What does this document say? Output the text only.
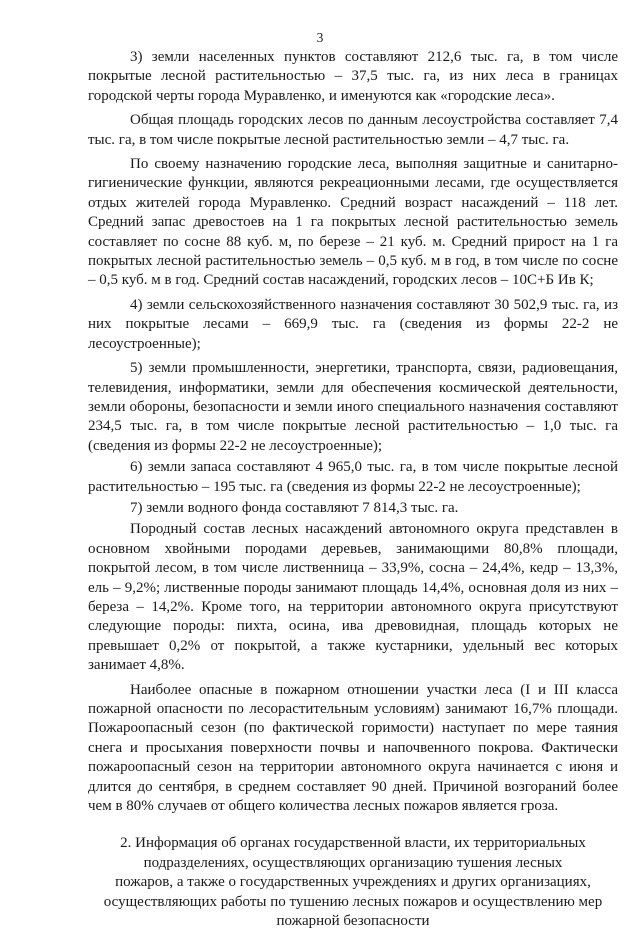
3

3) земли населенных пунктов составляют 212,6 тыс. га, в том числе покрытые лесной растительностью – 37,5 тыс. га, из них леса в границах городской черты города Муравленко, и именуются как «городские леса».

Общая площадь городских лесов по данным лесоустройства составляет 7,4 тыс. га, в том числе покрытые лесной растительностью земли – 4,7 тыс. га.

По своему назначению городские леса, выполняя защитные и санитарно-гигиенические функции, являются рекреационными лесами, где осуществляется отдых жителей города Муравленко. Средний возраст насаждений – 118 лет. Средний запас древостоев на 1 га покрытых лесной растительностью земель составляет по сосне 88 куб. м, по березе – 21 куб. м. Средний прирост на 1 га покрытых лесной растительностью земель – 0,5 куб. м в год, в том числе по сосне – 0,5 куб. м в год. Средний состав насаждений, городских лесов – 10С+Б Ив К;

4) земли сельскохозяйственного назначения составляют 30 502,9 тыс. га, из них покрытые лесами – 669,9 тыс. га (сведения из формы 22-2 не лесоустроенные);

5) земли промышленности, энергетики, транспорта, связи, радиовещания, телевидения, информатики, земли для обеспечения космической деятельности, земли обороны, безопасности и земли иного специального назначения составляют 234,5 тыс. га, в том числе покрытые лесной растительностью – 1,0 тыс. га (сведения из формы 22-2 не лесоустроенные);

6) земли запаса составляют 4 965,0 тыс. га, в том числе покрытые лесной растительностью – 195 тыс. га (сведения из формы 22-2 не лесоустроенные);

7) земли водного фонда составляют 7 814,3 тыс. га.

Породный состав лесных насаждений автономного округа представлен в основном хвойными породами деревьев, занимающими 80,8% площади, покрытой лесом, в том числе лиственница – 33,9%, сосна – 24,4%, кедр – 13,3%, ель – 9,2%; лиственные породы занимают площадь 14,4%, основная доля из них – береза – 14,2%. Кроме того, на территории автономного округа присутствуют следующие породы: пихта, осина, ива древовидная, площадь которых не превышает 0,2% от покрытой, а также кустарники, удельный вес которых занимает 4,8%.

Наиболее опасные в пожарном отношении участки леса (I и III класса пожарной опасности по лесорастительным условиям) занимают 16,7% площади. Пожароопасный сезон (по фактической горимости) наступает по мере таяния снега и просыхания поверхности почвы и напочвенного покрова. Фактически пожароопасный сезон на территории автономного округа начинается с июня и длится до сентября, в среднем составляет 90 дней. Причиной возгораний более чем в 80% случаев от общего количества лесных пожаров является гроза.

2. Информация об органах государственной власти, их территориальных
подразделениях, осуществляющих организацию тушения лесных
пожаров, а также о государственных учреждениях и других организациях,
осуществляющих работы по тушению лесных пожаров и осуществлению мер
пожарной безопасности
